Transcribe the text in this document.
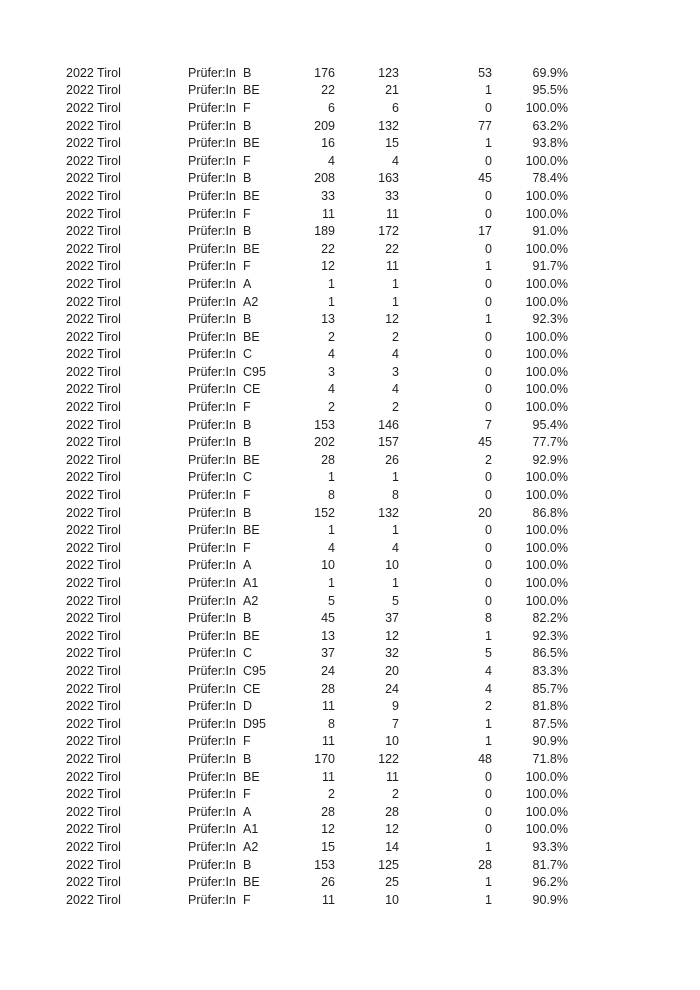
2022 Tirol	Prüfer:In B	176	123	53	69.9%
2022 Tirol	Prüfer:In BE	22	21	1	95.5%
2022 Tirol	Prüfer:In F	6	6	0	100.0%
2022 Tirol	Prüfer:In B	209	132	77	63.2%
2022 Tirol	Prüfer:In BE	16	15	1	93.8%
2022 Tirol	Prüfer:In F	4	4	0	100.0%
2022 Tirol	Prüfer:In B	208	163	45	78.4%
2022 Tirol	Prüfer:In BE	33	33	0	100.0%
2022 Tirol	Prüfer:In F	11	11	0	100.0%
2022 Tirol	Prüfer:In B	189	172	17	91.0%
2022 Tirol	Prüfer:In BE	22	22	0	100.0%
2022 Tirol	Prüfer:In F	12	11	1	91.7%
2022 Tirol	Prüfer:In A	1	1	0	100.0%
2022 Tirol	Prüfer:In A2	1	1	0	100.0%
2022 Tirol	Prüfer:In B	13	12	1	92.3%
2022 Tirol	Prüfer:In BE	2	2	0	100.0%
2022 Tirol	Prüfer:In C	4	4	0	100.0%
2022 Tirol	Prüfer:In C95	3	3	0	100.0%
2022 Tirol	Prüfer:In CE	4	4	0	100.0%
2022 Tirol	Prüfer:In F	2	2	0	100.0%
2022 Tirol	Prüfer:In B	153	146	7	95.4%
2022 Tirol	Prüfer:In B	202	157	45	77.7%
2022 Tirol	Prüfer:In BE	28	26	2	92.9%
2022 Tirol	Prüfer:In C	1	1	0	100.0%
2022 Tirol	Prüfer:In F	8	8	0	100.0%
2022 Tirol	Prüfer:In B	152	132	20	86.8%
2022 Tirol	Prüfer:In BE	1	1	0	100.0%
2022 Tirol	Prüfer:In F	4	4	0	100.0%
2022 Tirol	Prüfer:In A	10	10	0	100.0%
2022 Tirol	Prüfer:In A1	1	1	0	100.0%
2022 Tirol	Prüfer:In A2	5	5	0	100.0%
2022 Tirol	Prüfer:In B	45	37	8	82.2%
2022 Tirol	Prüfer:In BE	13	12	1	92.3%
2022 Tirol	Prüfer:In C	37	32	5	86.5%
2022 Tirol	Prüfer:In C95	24	20	4	83.3%
2022 Tirol	Prüfer:In CE	28	24	4	85.7%
2022 Tirol	Prüfer:In D	11	9	2	81.8%
2022 Tirol	Prüfer:In D95	8	7	1	87.5%
2022 Tirol	Prüfer:In F	11	10	1	90.9%
2022 Tirol	Prüfer:In B	170	122	48	71.8%
2022 Tirol	Prüfer:In BE	11	11	0	100.0%
2022 Tirol	Prüfer:In F	2	2	0	100.0%
2022 Tirol	Prüfer:In A	28	28	0	100.0%
2022 Tirol	Prüfer:In A1	12	12	0	100.0%
2022 Tirol	Prüfer:In A2	15	14	1	93.3%
2022 Tirol	Prüfer:In B	153	125	28	81.7%
2022 Tirol	Prüfer:In BE	26	25	1	96.2%
2022 Tirol	Prüfer:In F	11	10	1	90.9%
